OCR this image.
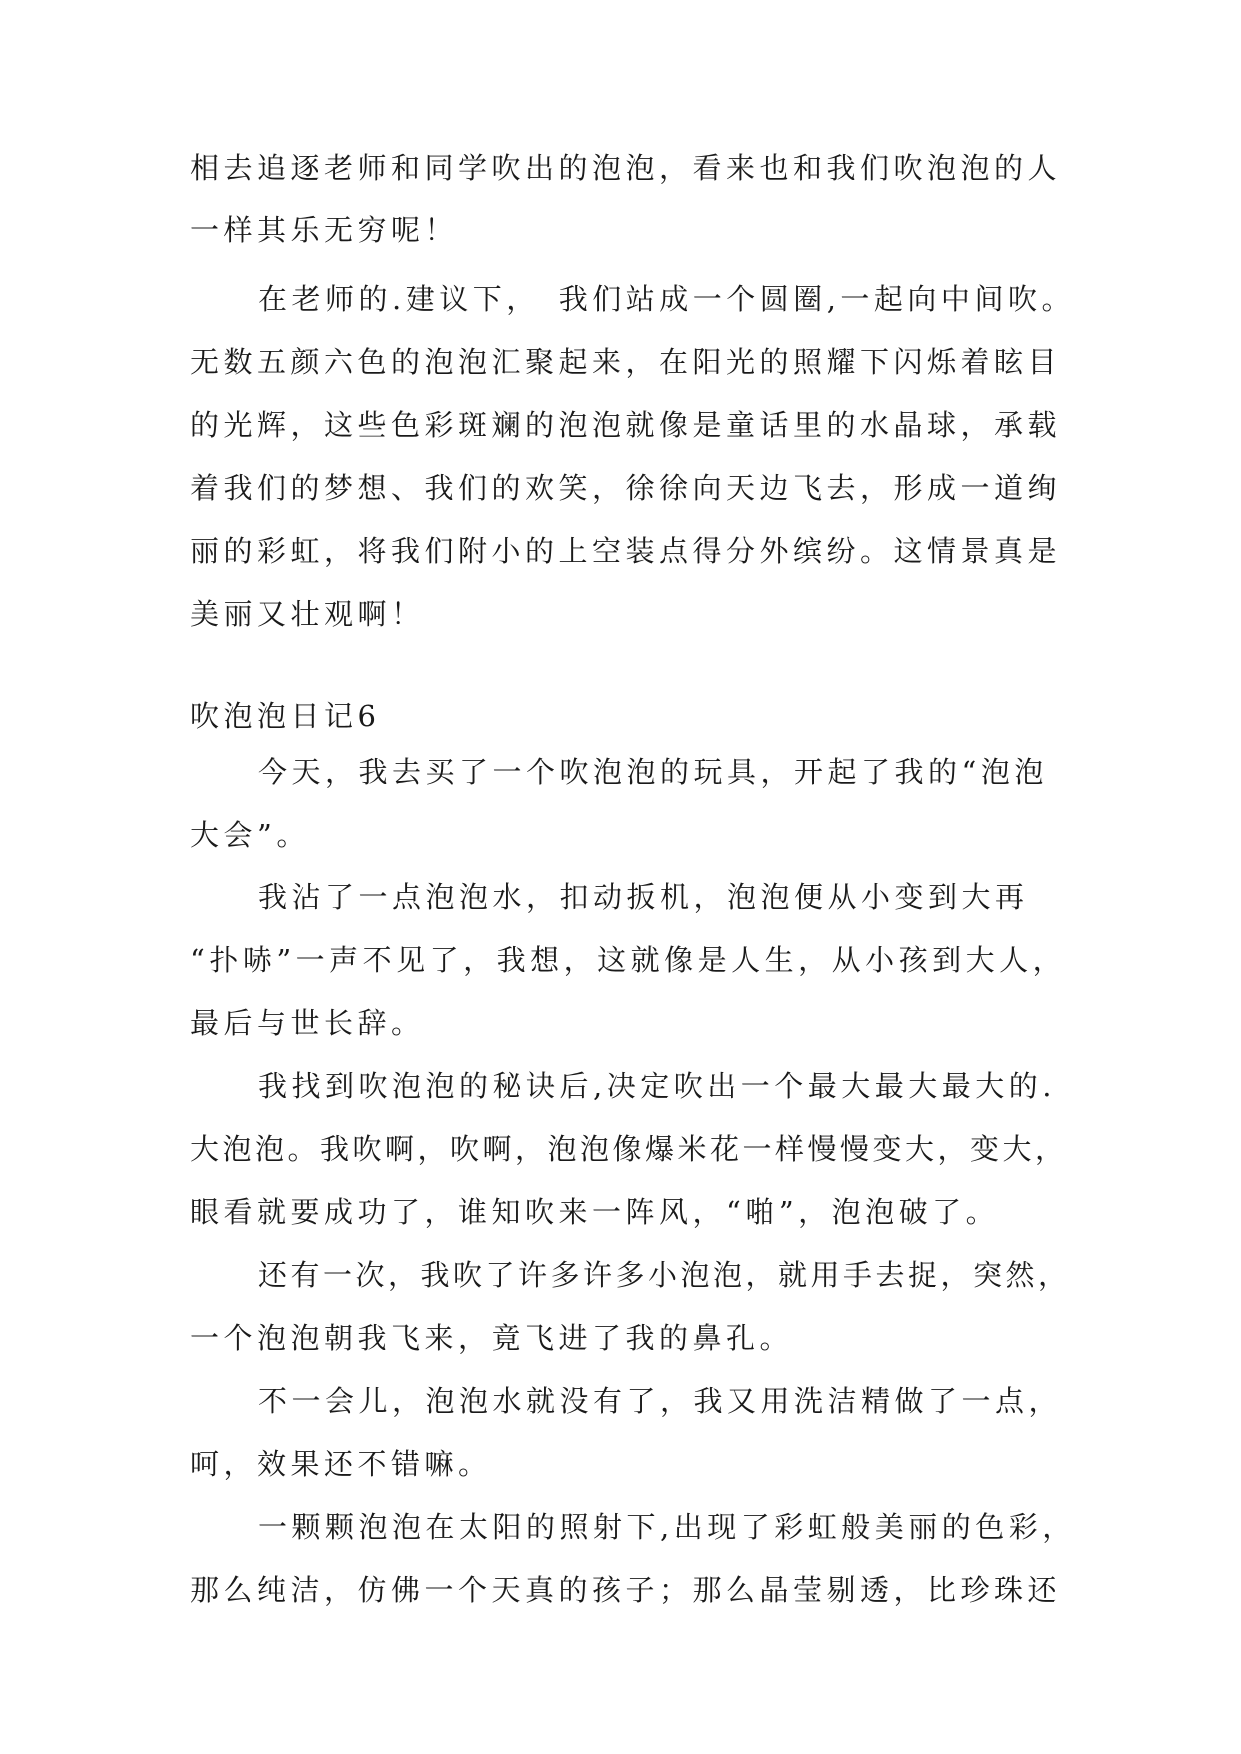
相去追逐老师和同学吹出的泡泡，看来也和我们吹泡泡的人
一样其乐无穷呢！
在老师的.建议下，　我们站成一个圆圈,一起向中间吹。
无数五颜六色的泡泡汇聚起来，在阳光的照耀下闪烁着眩目
的光辉，这些色彩斑斓的泡泡就像是童话里的水晶球，承载
着我们的梦想、我们的欢笑，徐徐向天边飞去，形成一道绚
丽的彩虹，将我们附小的上空装点得分外缤纷。这情景真是
美丽又壮观啊！
吹泡泡日记6
今天，我去买了一个吹泡泡的玩具，开起了我的“泡泡
大会”。
我沾了一点泡泡水，扣动扳机，泡泡便从小变到大再
“扑哧”一声不见了，我想，这就像是人生，从小孩到大人，
最后与世长辞。
我找到吹泡泡的秘诀后,决定吹出一个最大最大最大的.
大泡泡。我吹啊，吹啊，泡泡像爆米花一样慢慢变大，变大，
眼看就要成功了，谁知吹来一阵风，“啪”，泡泡破了。
还有一次，我吹了许多许多小泡泡，就用手去捉，突然，
一个泡泡朝我飞来，竟飞进了我的鼻孔。
不一会儿，泡泡水就没有了，我又用洗洁精做了一点，
呵，效果还不错嘛。
一颗颗泡泡在太阳的照射下,出现了彩虹般美丽的色彩，
那么纯洁，仿佛一个天真的孩子；那么晶莹剔透，比珍珠还
